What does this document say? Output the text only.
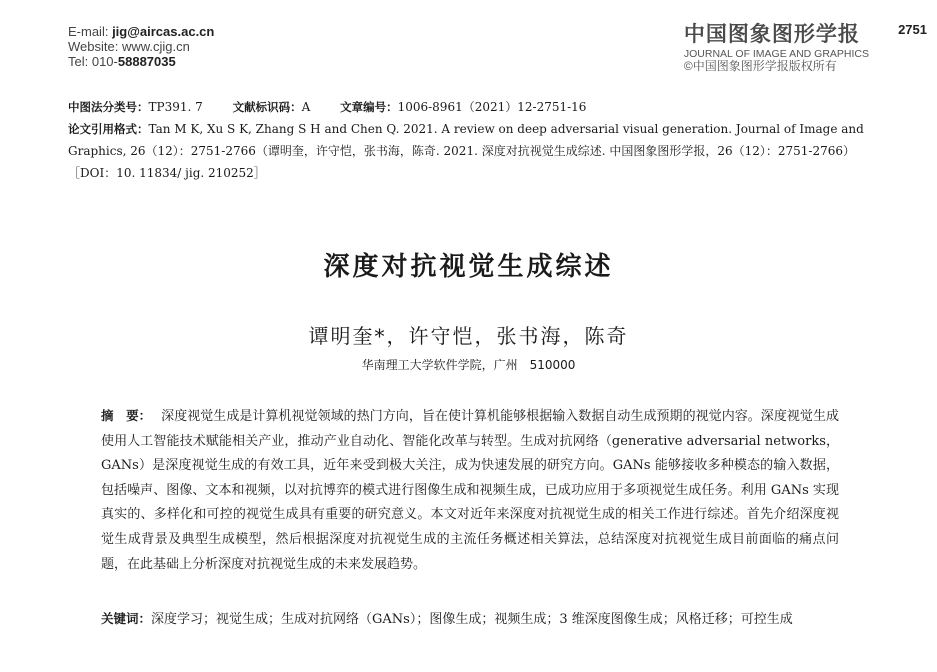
E-mail: jig@aircas.ac.cn
Website: www.cjig.cn
Tel: 010-58887035
中国图象图形学报
JOURNAL OF IMAGE AND GRAPHICS
©中国图象图形学报版权所有
2751
中图法分类号：TP391. 7	文献标识码：A	文章编号：1006-8961（2021）12-2751-16
论文引用格式：Tan M K, Xu S K, Zhang S H and Chen Q. 2021. A review on deep adversarial visual generation. Journal of Image and Graphics, 26（12）：2751-2766（谭明奎，许守恺，张书海，陈奇. 2021. 深度对抗视觉生成综述. 中国图象图形学报，26（12）：2751-2766）［DOI：10. 11834/ jig. 210252］
深度对抗视觉生成综述
谭明奎*，许守恺，张书海，陈奇
华南理工大学软件学院，广州　510000
摘　要： 深度视觉生成是计算机视觉领域的热门方向，旨在使计算机能够根据输入数据自动生成预期的视觉内容。深度视觉生成使用人工智能技术赋能相关产业，推动产业自动化、智能化改革与转型。生成对抗网络（generative adversarial networks，GANs）是深度视觉生成的有效工具，近年来受到极大关注，成为快速发展的研究方向。GANs 能够接收多种模态的输入数据，包括噪声、图像、文本和视频，以对抗博弈的模式进行图像生成和视频生成，已成功应用于多项视觉生成任务。利用 GANs 实现真实的、多样化和可控的视觉生成具有重要的研究意义。本文对近年来深度对抗视觉生成的相关工作进行综述。首先介绍深度视觉生成背景及典型生成模型，然后根据深度对抗视觉生成的主流任务概述相关算法，总结深度对抗视觉生成目前面临的痛点问题，在此基础上分析深度对抗视觉生成的未来发展趋势。
关键词：深度学习；视觉生成；生成对抗网络（GANs）；图像生成；视频生成；3 维深度图像生成；风格迁移；可控生成
